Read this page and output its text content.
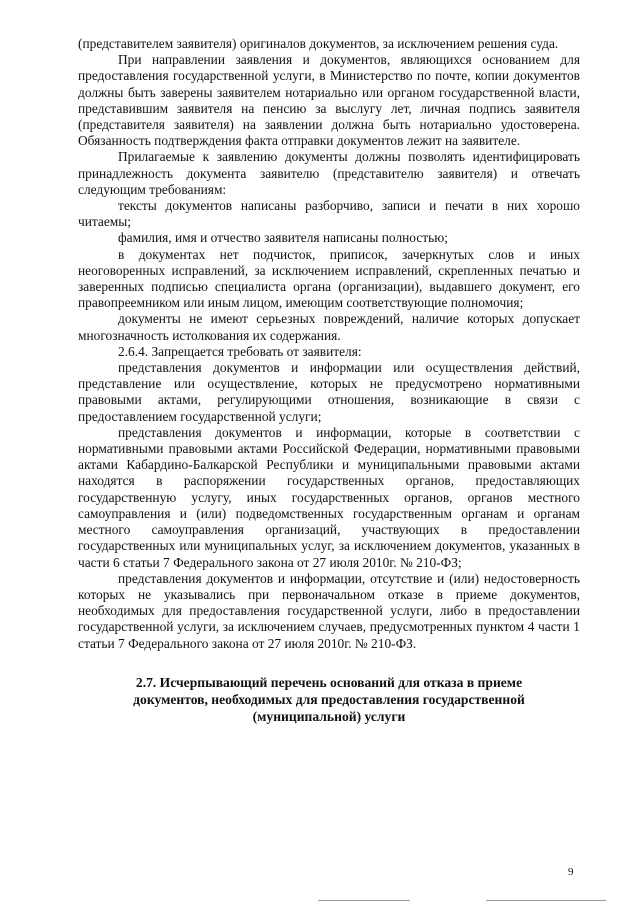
(представителем заявителя) оригиналов документов, за исключением решения суда.

При направлении заявления и документов, являющихся основанием для предоставления государственной услуги, в Министерство по почте, копии документов должны быть заверены заявителем нотариально или органом государственной власти, представившим заявителя на пенсию за выслугу лет, личная подпись заявителя (представителя заявителя) на заявлении должна быть нотариально удостоверена. Обязанность подтверждения факта отправки документов лежит на заявителе.

Прилагаемые к заявлению документы должны позволять идентифицировать принадлежность документа заявителю (представителю заявителя) и отвечать следующим требованиям:

тексты документов написаны разборчиво, записи и печати в них хорошо читаемы;

фамилия, имя и отчество заявителя написаны полностью;

в документах нет подчисток, приписок, зачеркнутых слов и иных неоговоренных исправлений, за исключением исправлений, скрепленных печатью и заверенных подписью специалиста органа (организации), выдавшего документ, его правопреемником или иным лицом, имеющим соответствующие полномочия;

документы не имеют серьезных повреждений, наличие которых допускает многозначность истолкования их содержания.

2.6.4. Запрещается требовать от заявителя:

представления документов и информации или осуществления действий, представление или осуществление, которых не предусмотрено нормативными правовыми актами, регулирующими отношения, возникающие в связи с предоставлением государственной услуги;

представления документов и информации, которые в соответствии с нормативными правовыми актами Российской Федерации, нормативными правовыми актами Кабардино-Балкарской Республики и муниципальными правовыми актами находятся в распоряжении государственных органов, предоставляющих государственную услугу, иных государственных органов, органов местного самоуправления и (или) подведомственных государственным органам и органам местного самоуправления организаций, участвующих в предоставлении государственных или муниципальных услуг, за исключением документов, указанных в части 6 статьи 7 Федерального закона от 27 июля 2010г. № 210-ФЗ;

представления документов и информации, отсутствие и (или) недостоверность которых не указывались при первоначальном отказе в приеме документов, необходимых для предоставления государственной услуги, либо в предоставлении государственной услуги, за исключением случаев, предусмотренных пунктом 4 части 1 статьи 7 Федерального закона от 27 июля 2010г. № 210-ФЗ.

2.7. Исчерпывающий перечень оснований для отказа в приеме
документов, необходимых для предоставления государственной
(муниципальной) услуги
9
